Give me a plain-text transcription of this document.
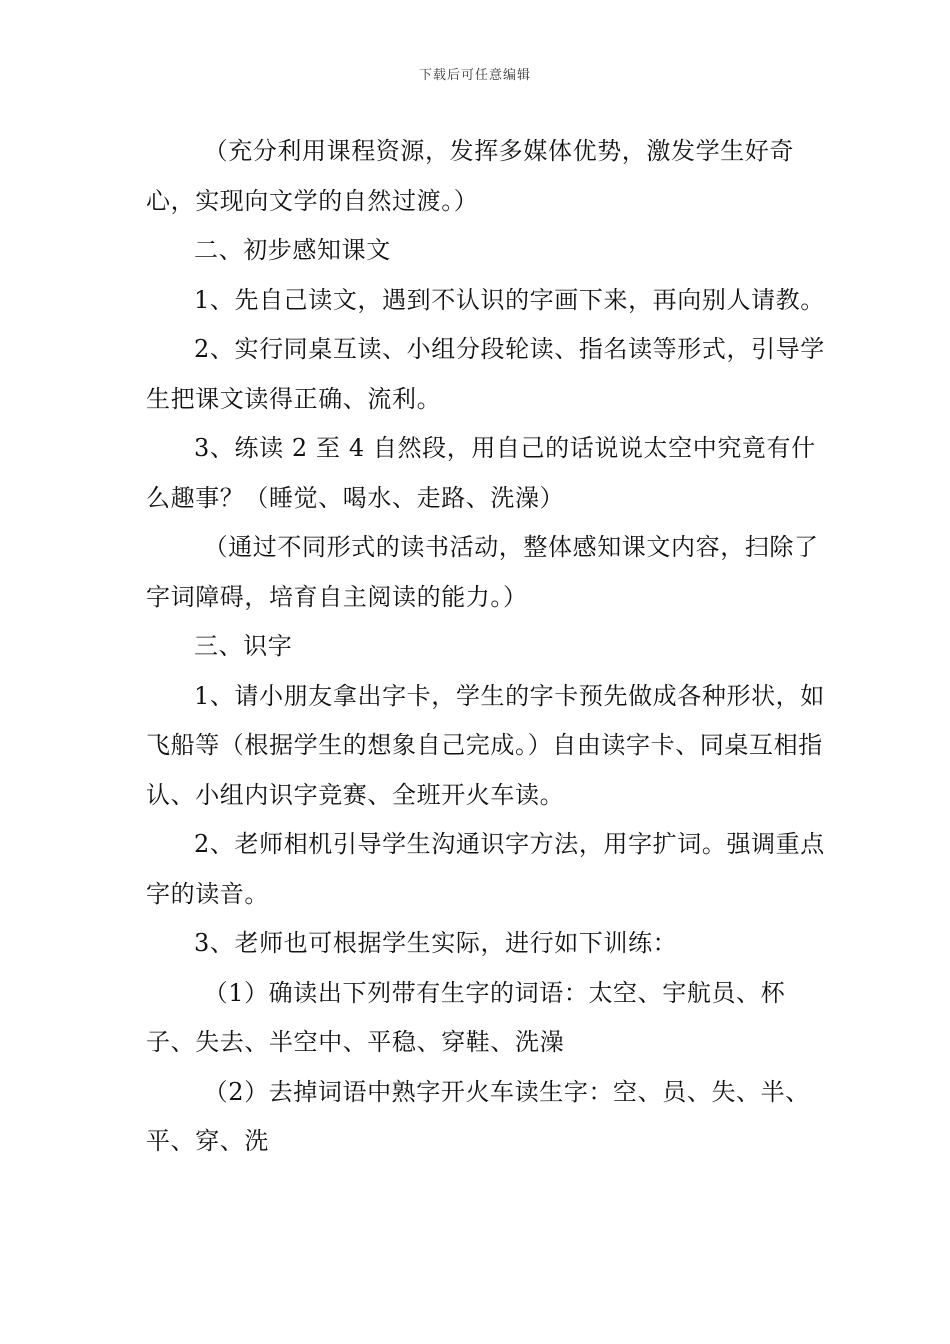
下载后可任意编辑

（充分利用课程资源，发挥多媒体优势，激发学生好奇心，实现向文学的自然过渡。）

二、初步感知课文

1、先自己读文，遇到不认识的字画下来，再向别人请教。

2、实行同桌互读、小组分段轮读、指名读等形式，引导学生把课文读得正确、流利。

3、练读 2 至 4 自然段，用自己的话说说太空中究竟有什么趣事？（睡觉、喝水、走路、洗澡）

（通过不同形式的读书活动，整体感知课文内容，扫除了字词障碍，培育自主阅读的能力。）

三、识字

1、请小朋友拿出字卡，学生的字卡预先做成各种形状，如飞船等（根据学生的想象自己完成。）自由读字卡、同桌互相指认、小组内识字竞赛、全班开火车读。

2、老师相机引导学生沟通识字方法，用字扩词。强调重点字的读音。

3、老师也可根据学生实际，进行如下训练：

（1）确读出下列带有生字的词语：太空、宇航员、杯子、失去、半空中、平稳、穿鞋、洗澡

（2）去掉词语中熟字开火车读生字：空、员、失、半、平、穿、洗
